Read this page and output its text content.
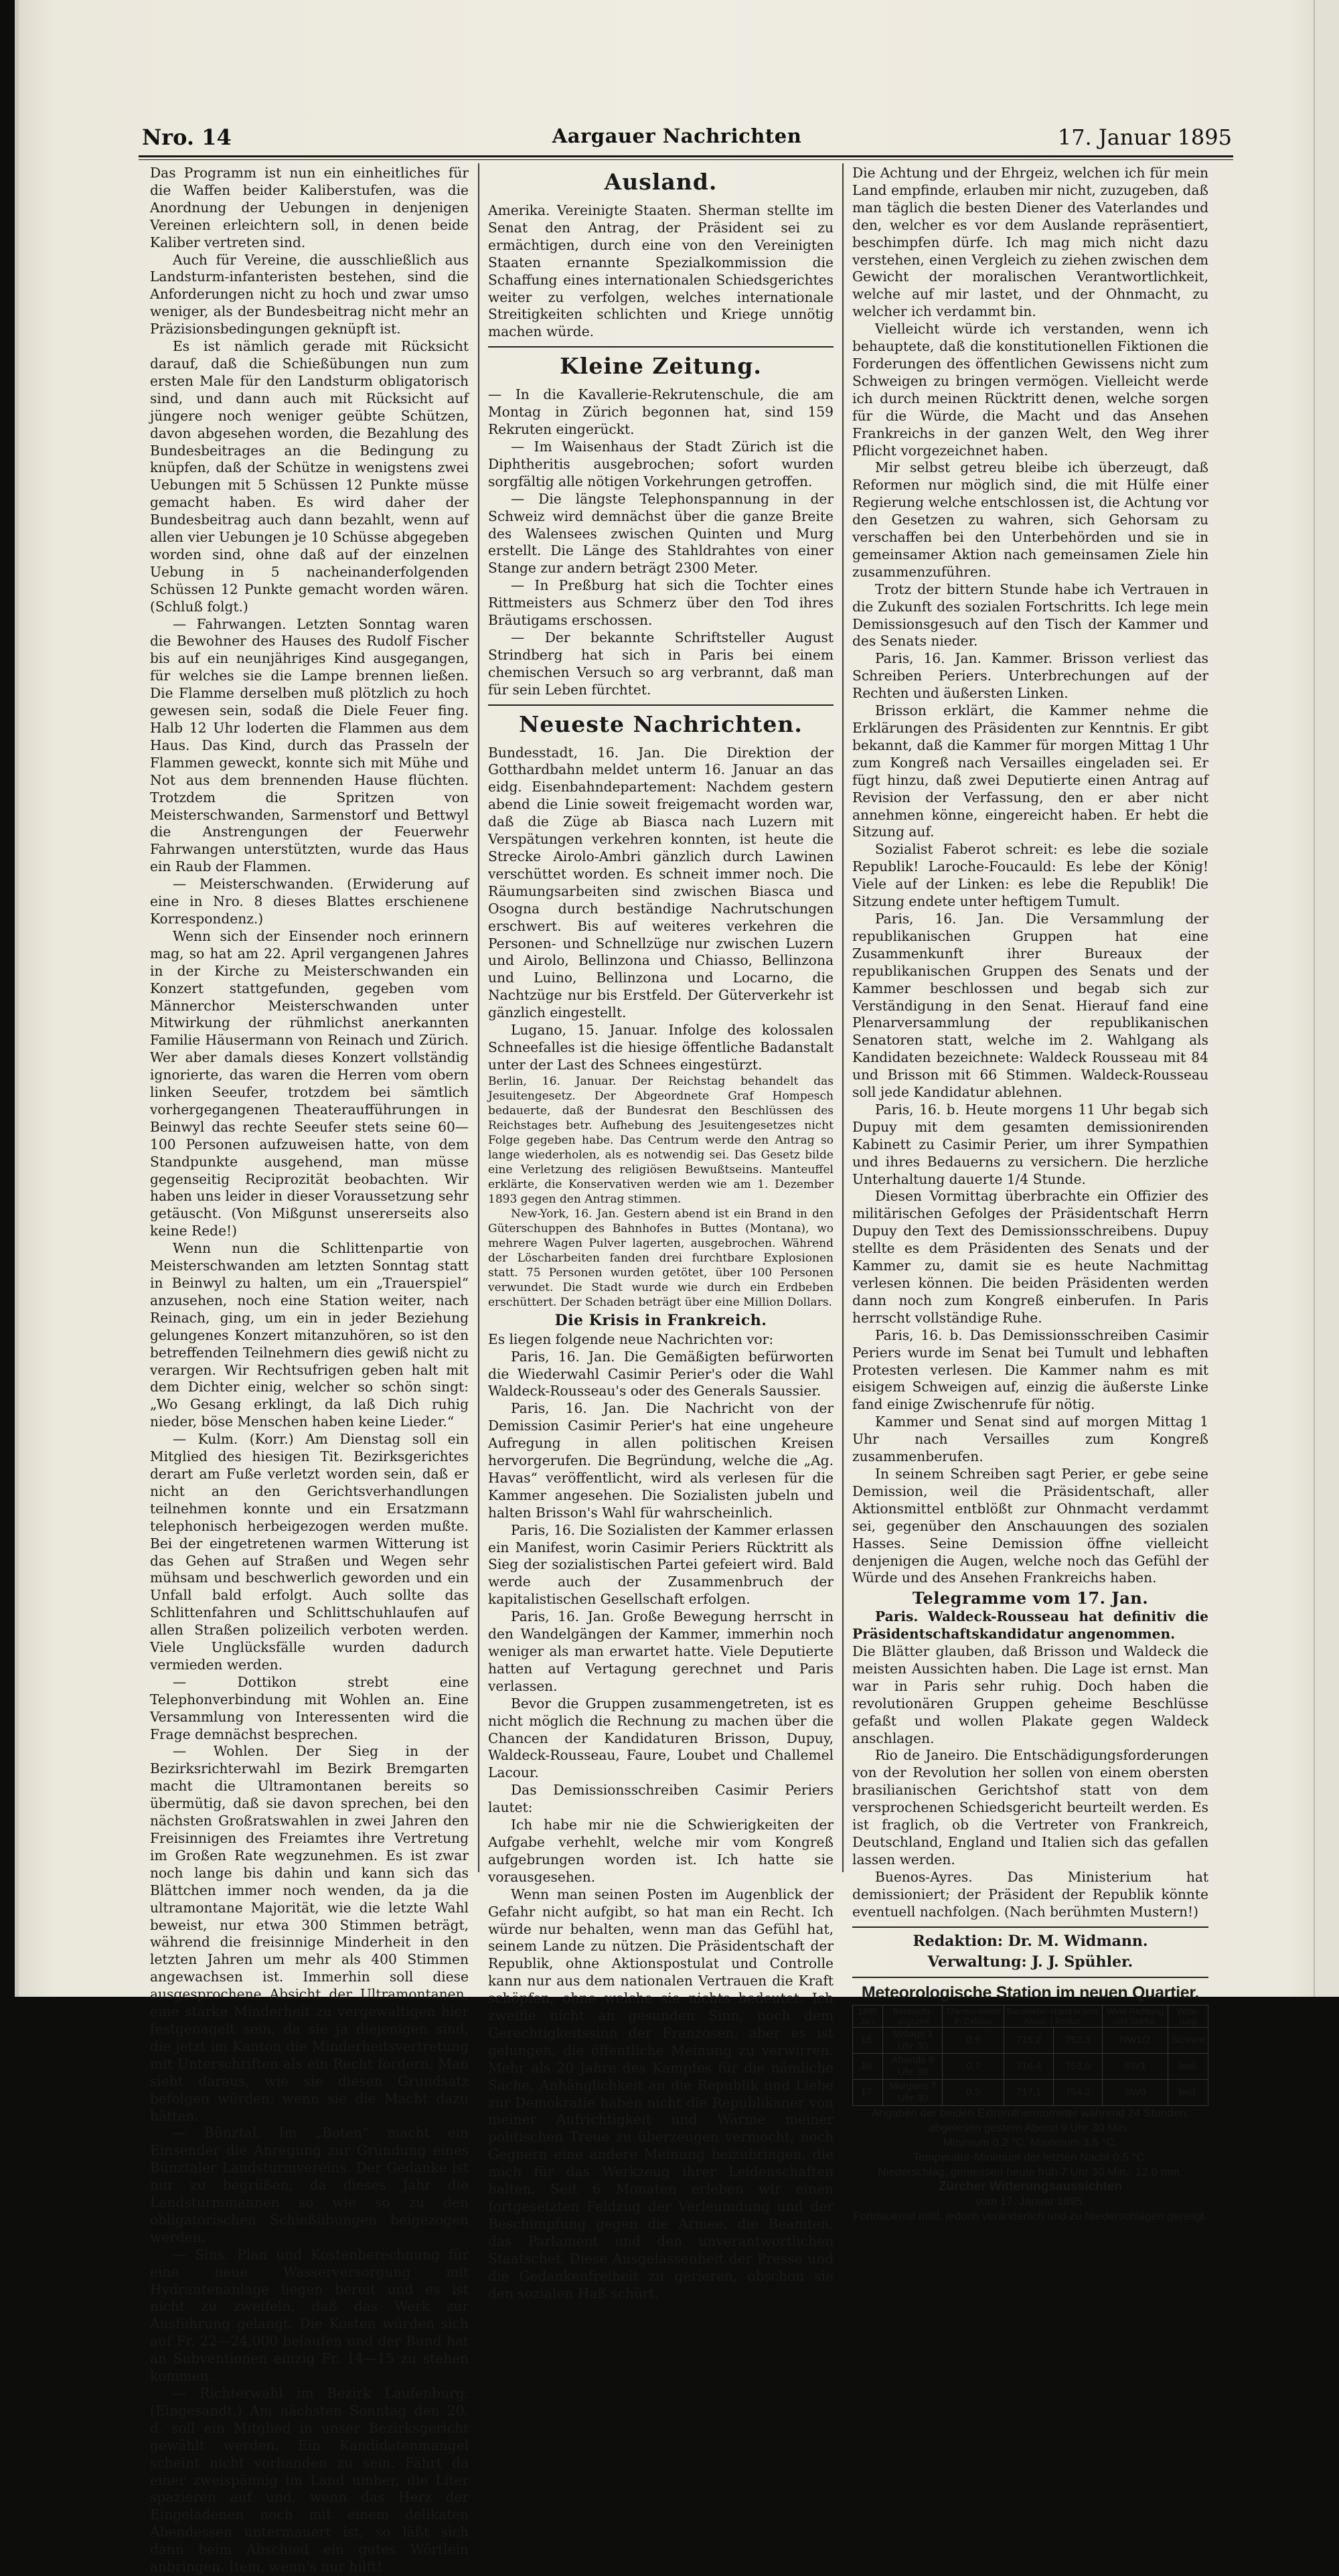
Nro. 14	Aargauer Nachrichten	17. Januar 1895

Das Programm ist nun ein einheitliches für die Waffen beider Kaliberstufen, was die Anordnung der Uebungen in denjenigen Vereinen erleichtern soll, in denen beide Kaliber vertreten sind.

Auch für Vereine, die ausschließlich aus Landsturm-infanteristen bestehen, sind die Anforderungen nicht zu hoch und zwar umso weniger, als der Bundesbeitrag nicht mehr an Präzisionsbedingungen geknüpft ist.

Es ist nämlich gerade mit Rücksicht darauf, daß die Schießübungen nun zum ersten Male für den Landsturm obligatorisch sind, und dann auch mit Rücksicht auf jüngere noch weniger geübte Schützen, davon abgesehen worden, die Bezahlung des Bundesbeitrages an die Bedingung zu knüpfen, daß der Schütze in wenigstens zwei Uebungen mit 5 Schüssen 12 Punkte müsse gemacht haben. Es wird daher der Bundesbeitrag auch dann bezahlt, wenn auf allen vier Uebungen je 10 Schüsse abgegeben worden sind, ohne daß auf der einzelnen Uebung in 5 nacheinanderfolgenden Schüssen 12 Punkte gemacht worden wären. (Schluß folgt.)

— Fahrwangen. Letzten Sonntag waren die Bewohner des Hauses des Rudolf Fischer bis auf ein neunjähriges Kind ausgegangen, für welches sie die Lampe brennen ließen. Die Flamme derselben muß plötzlich zu hoch gewesen sein, sodaß die Diele Feuer fing. Halb 12 Uhr loderten die Flammen aus dem Haus. Das Kind, durch das Prasseln der Flammen geweckt, konnte sich mit Mühe und Not aus dem brennenden Hause flüchten. Trotzdem die Spritzen von Meisterschwanden, Sarmenstorf und Bettwyl die Anstrengungen der Feuerwehr Fahrwangen unterstützten, wurde das Haus ein Raub der Flammen.

— Meisterschwanden. (Erwiderung auf eine in Nro. 8 dieses Blattes erschienene Korrespondenz.)

Wenn sich der Einsender noch erinnern mag, so hat am 22. April vergangenen Jahres in der Kirche zu Meisterschwanden ein Konzert stattgefunden, gegeben vom Männerchor Meisterschwanden unter Mitwirkung der rühmlichst anerkannten Familie Häusermann von Reinach und Zürich. Wer aber damals dieses Konzert vollständig ignorierte, das waren die Herren vom obern linken Seeufer, trotzdem bei sämtlich vorhergegangenen Theateraufführungen in Beinwyl das rechte Seeufer stets seine 60—100 Personen aufzuweisen hatte, von dem Standpunkte ausgehend, man müsse gegenseitig Reciprozität beobachten. Wir haben uns leider in dieser Voraussetzung sehr getäuscht. (Von Mißgunst unsererseits also keine Rede!)

Wenn nun die Schlittenpartie von Meisterschwanden am letzten Sonntag statt in Beinwyl zu halten, um ein „Trauerspiel“ anzusehen, noch eine Station weiter, nach Reinach, ging, um ein in jeder Beziehung gelungenes Konzert mitanzuhören, so ist den betreffenden Teilnehmern dies gewiß nicht zu verargen. Wir Rechtsufrigen geben halt mit dem Dichter einig, welcher so schön singt: „Wo Gesang erklingt, da laß Dich ruhig nieder, böse Menschen haben keine Lieder.“

— Kulm. (Korr.) Am Dienstag soll ein Mitglied des hiesigen Tit. Bezirksgerichtes derart am Fuße verletzt worden sein, daß er nicht an den Gerichtsverhandlungen teilnehmen konnte und ein Ersatzmann telephonisch herbeigezogen werden mußte. Bei der eingetretenen warmen Witterung ist das Gehen auf Straßen und Wegen sehr mühsam und beschwerlich geworden und ein Unfall bald erfolgt. Auch sollte das Schlittenfahren und Schlittschuhlaufen auf allen Straßen polizeilich verboten werden. Viele Unglücksfälle wurden dadurch vermieden werden.

— Dottikon strebt eine Telephonverbindung mit Wohlen an. Eine Versammlung von Interessenten wird die Frage demnächst besprechen.

— Wohlen. Der Sieg in der Bezirksrichterwahl im Bezirk Bremgarten macht die Ultramontanen bereits so übermütig, daß sie davon sprechen, bei den nächsten Großratswahlen in zwei Jahren den Freisinnigen des Freiamtes ihre Vertretung im Großen Rate wegzunehmen. Es ist zwar noch lange bis dahin und kann sich das Blättchen immer noch wenden, da ja die ultramontane Majorität, wie die letzte Wahl beweist, nur etwa 300 Stimmen beträgt, während die freisinnige Minderheit in den letzten Jahren um mehr als 400 Stimmen angewachsen ist. Immerhin soll diese ausgesprochene Absicht der Ultramontanen, eine starke Minderheit zu vergewaltigen hier festgenagelt sein, da sie ja diejenigen sind, die jetzt im Kanton die Minderheitsvertretung mit Unterschriften als ein Recht fordern. Man sieht daraus, wie sie diesen Grundsatz befolgen würden, wenn sie die Macht dazu hätten.

— Bünztal. Im „Boten“ macht ein Einsender die Anregung zur Gründung eines Bünztaler Landsturmvereins. Der Gedanke ist nur zu begrüßen, da dieses Jahr die Landsturmmannen so wie so zu den obligatorischen Schießübungen beigezogen werden.

— Sins. Plan und Kostenberechnung für eine neue Wasserversorgung mit Hydrantenanlage liegen bereit und es ist nicht zu zweifeln, daß das Werk zur Ausführung gelangt. Die Kosten würden sich auf Fr. 22—24,000 belaufen und der Bund hat an Subventionen einzig Fr. 14—15 zu stehen kommen.

— Richterwahl im Bezirk Laufenburg. (Eingesandt.) Am nächsten Sonntag den 20. d. soll ein Mitglied in unser Bezirksgericht gewählt werden. Ein Kandidatenmangel scheint nicht vorhanden zu sein. Fährt da einer zweispännig im Land umher, die Liter spazieren auf und, wenn das Herz der Eingeladenen noch mit einem delikaten Abendessen untermauert ist, so läßt sich dann beim Abschied ein gutes Wörtlein anbringen. Item, wenn's nur hilft!

Ausland.

Amerika. Vereinigte Staaten. Sherman stellte im Senat den Antrag, der Präsident sei zu ermächtigen, durch eine von den Vereinigten Staaten ernannte Spezialkommission die Schaffung eines internationalen Schiedsgerichtes weiter zu verfolgen, welches internationale Streitigkeiten schlichten und Kriege unnötig machen würde.

Kleine Zeitung.

— In die Kavallerie-Rekrutenschule, die am Montag in Zürich begonnen hat, sind 159 Rekruten eingerückt.

— Im Waisenhaus der Stadt Zürich ist die Diphtheritis ausgebrochen; sofort wurden sorgfältig alle nötigen Vorkehrungen getroffen.

— Die längste Telephonspannung in der Schweiz wird demnächst über die ganze Breite des Walensees zwischen Quinten und Murg erstellt. Die Länge des Stahldrahtes von einer Stange zur andern beträgt 2300 Meter.

— In Preßburg hat sich die Tochter eines Rittmeisters aus Schmerz über den Tod ihres Bräutigams erschossen.

— Der bekannte Schriftsteller August Strindberg hat sich in Paris bei einem chemischen Versuch so arg verbrannt, daß man für sein Leben fürchtet.

Neueste Nachrichten.

Bundesstadt, 16. Jan. Die Direktion der Gotthardbahn meldet unterm 16. Januar an das eidg. Eisenbahndepartement: Nachdem gestern abend die Linie soweit freigemacht worden war, daß die Züge ab Biasca nach Luzern mit Verspätungen verkehren konnten, ist heute die Strecke Airolo-Ambri gänzlich durch Lawinen verschüttet worden. Es schneit immer noch. Die Räumungsarbeiten sind zwischen Biasca und Osogna durch beständige Nachrutschungen erschwert. Bis auf weiteres verkehren die Personen- und Schnellzüge nur zwischen Luzern und Airolo, Bellinzona und Chiasso, Bellinzona und Luino, Bellinzona und Locarno, die Nachtzüge nur bis Erstfeld. Der Güterverkehr ist gänzlich eingestellt.

Lugano, 15. Januar. Infolge des kolossalen Schneefalles ist die hiesige öffentliche Badanstalt unter der Last des Schnees eingestürzt.

Berlin, 16. Januar. Der Reichstag behandelt das Jesuitengesetz. Der Abgeordnete Graf Hompesch bedauerte, daß der Bundesrat den Beschlüssen des Reichstages betr. Aufhebung des Jesuitengesetzes nicht Folge gegeben habe. Das Centrum werde den Antrag so lange wiederholen, als es notwendig sei. Das Gesetz bilde eine Verletzung des religiösen Bewußtseins. Manteuffel erklärte, die Konservativen werden wie am 1. Dezember 1893 gegen den Antrag stimmen.

New-York, 16. Jan. Gestern abend ist ein Brand in den Güterschuppen des Bahnhofes in Buttes (Montana), wo mehrere Wagen Pulver lagerten, ausgebrochen. Während der Löscharbeiten fanden drei furchtbare Explosionen statt. 75 Personen wurden getötet, über 100 Personen verwundet. Die Stadt wurde wie durch ein Erdbeben erschüttert. Der Schaden beträgt über eine Million Dollars.

Die Krisis in Frankreich.

Es liegen folgende neue Nachrichten vor:

Paris, 16. Jan. Die Gemäßigten befürworten die Wiederwahl Casimir Perier's oder die Wahl Waldeck-Rousseau's oder des Generals Saussier.

Paris, 16. Jan. Die Nachricht von der Demission Casimir Perier's hat eine ungeheure Aufregung in allen politischen Kreisen hervorgerufen. Die Begründung, welche die „Ag. Havas“ veröffentlicht, wird als verlesen für die Kammer angesehen. Die Sozialisten jubeln und halten Brisson's Wahl für wahrscheinlich.

Paris, 16. Die Sozialisten der Kammer erlassen ein Manifest, worin Casimir Periers Rücktritt als Sieg der sozialistischen Partei gefeiert wird. Bald werde auch der Zusammenbruch der kapitalistischen Gesellschaft erfolgen.

Paris, 16. Jan. Große Bewegung herrscht in den Wandelgängen der Kammer, immerhin noch weniger als man erwartet hatte. Viele Deputierte hatten auf Vertagung gerechnet und Paris verlassen.

Bevor die Gruppen zusammengetreten, ist es nicht möglich die Rechnung zu machen über die Chancen der Kandidaturen Brisson, Dupuy, Waldeck-Rousseau, Faure, Loubet und Challemel Lacour.

Das Demissionsschreiben Casimir Periers lautet:

Ich habe mir nie die Schwierigkeiten der Aufgabe verhehlt, welche mir vom Kongreß aufgebrungen worden ist. Ich hatte sie vorausgesehen.

Wenn man seinen Posten im Augenblick der Gefahr nicht aufgibt, so hat man ein Recht. Ich würde nur behalten, wenn man das Gefühl hat, seinem Lande zu nützen. Die Präsidentschaft der Republik, ohne Aktionspostulat und Controlle kann nur aus dem nationalen Vertrauen die Kraft schöpfen, ohne welche sie nichts bedeutet. Ich zweifle nicht an gesunden Sinn, noch dem Gerechtigkeitssinn der Franzosen, aber es ist gelungen, die öffentliche Meinung zu verwirren. Mehr als 20 Jahre des Kampfes für die nämliche Sache, Anhänglichkeit an die Republik und Liebe zur Demokratie haben nicht die Republikaner von meiner Aufrichtigkeit und Wärme meiner politischen Treue zu überzeugen vermocht, noch Gegnern eine andere Meinung beizubringen, die mich für das Werkzeug ihrer Leidenschaften halten. Seit 6 Monaten erleben wir einen fortgesetzten Feldzug der Verleumdung und der Beschimpfung gegen die Armee, die Beamten, das Parlament und den unverantwortlichen Staatschef. Diese Ausgelassenheit der Presse und die Gedankenfreiheit zu gerieren, obschon sie den sozialen Haß schürt.

Die Achtung und der Ehrgeiz, welchen ich für mein Land empfinde, erlauben mir nicht, zuzugeben, daß man täglich die besten Diener des Vaterlandes und den, welcher es vor dem Auslande repräsentiert, beschimpfen dürfe. Ich mag mich nicht dazu verstehen, einen Vergleich zu ziehen zwischen dem Gewicht der moralischen Verantwortlichkeit, welche auf mir lastet, und der Ohnmacht, zu welcher ich verdammt bin.

Vielleicht würde ich verstanden, wenn ich behauptete, daß die konstitutionellen Fiktionen die Forderungen des öffentlichen Gewissens nicht zum Schweigen zu bringen vermögen. Vielleicht werde ich durch meinen Rücktritt denen, welche sorgen für die Würde, die Macht und das Ansehen Frankreichs in der ganzen Welt, den Weg ihrer Pflicht vorgezeichnet haben.

Mir selbst getreu bleibe ich überzeugt, daß Reformen nur möglich sind, die mit Hülfe einer Regierung welche entschlossen ist, die Achtung vor den Gesetzen zu wahren, sich Gehorsam zu verschaffen bei den Unterbehörden und sie in gemeinsamer Aktion nach gemeinsamen Ziele hin zusammenzuführen.

Trotz der bittern Stunde habe ich Vertrauen in die Zukunft des sozialen Fortschritts. Ich lege mein Demissionsgesuch auf den Tisch der Kammer und des Senats nieder.

Paris, 16. Jan. Kammer. Brisson verliest das Schreiben Periers. Unterbrechungen auf der Rechten und äußersten Linken.

Brisson erklärt, die Kammer nehme die Erklärungen des Präsidenten zur Kenntnis. Er gibt bekannt, daß die Kammer für morgen Mittag 1 Uhr zum Kongreß nach Versailles eingeladen sei. Er fügt hinzu, daß zwei Deputierte einen Antrag auf Revision der Verfassung, den er aber nicht annehmen könne, eingereicht haben. Er hebt die Sitzung auf.

Sozialist Faberot schreit: es lebe die soziale Republik! Laroche-Foucauld: Es lebe der König! Viele auf der Linken: es lebe die Republik! Die Sitzung endete unter heftigem Tumult.

Paris, 16. Jan. Die Versammlung der republikanischen Gruppen hat eine Zusammenkunft ihrer Bureaux der republikanischen Gruppen des Senats und der Kammer beschlossen und begab sich zur Verständigung in den Senat. Hierauf fand eine Plenarversammlung der republikanischen Senatoren statt, welche im 2. Wahlgang als Kandidaten bezeichnete: Waldeck Rousseau mit 84 und Brisson mit 66 Stimmen. Waldeck-Rousseau soll jede Kandidatur ablehnen.

Paris, 16. b. Heute morgens 11 Uhr begab sich Dupuy mit dem gesamten demissionirenden Kabinett zu Casimir Perier, um ihrer Sympathien und ihres Bedauerns zu versichern. Die herzliche Unterhaltung dauerte 1/4 Stunde.

Diesen Vormittag überbrachte ein Offizier des militärischen Gefolges der Präsidentschaft Herrn Dupuy den Text des Demissionsschreibens. Dupuy stellte es dem Präsidenten des Senats und der Kammer zu, damit sie es heute Nachmittag verlesen können. Die beiden Präsidenten werden dann noch zum Kongreß einberufen. In Paris herrscht vollständige Ruhe.

Paris, 16. b. Das Demissionsschreiben Casimir Periers wurde im Senat bei Tumult und lebhaften Protesten verlesen. Die Kammer nahm es mit eisigem Schweigen auf, einzig die äußerste Linke fand einige Zwischenrufe für nötig.

Kammer und Senat sind auf morgen Mittag 1 Uhr nach Versailles zum Kongreß zusammenberufen.

In seinem Schreiben sagt Perier, er gebe seine Demission, weil die Präsidentschaft, aller Aktionsmittel entblößt zur Ohnmacht verdammt sei, gegenüber den Anschauungen des sozialen Hasses. Seine Demission öffne vielleicht denjenigen die Augen, welche noch das Gefühl der Würde und des Ansehen Frankreichs haben.

Telegramme vom 17. Jan.

Paris. Waldeck-Rousseau hat definitiv die Präsidentschaftskandidatur angenommen.

Die Blätter glauben, daß Brisson und Waldeck die meisten Aussichten haben. Die Lage ist ernst. Man war in Paris sehr ruhig. Doch haben die revolutionären Gruppen geheime Beschlüsse gefaßt und wollen Plakate gegen Waldeck anschlagen.

Rio de Janeiro. Die Entschädigungsforderungen von der Revolution her sollen von einem obersten brasilianischen Gerichtshof statt von dem versprochenen Schiedsgericht beurteilt werden. Es ist fraglich, ob die Vertreter von Frankreich, Deutschland, England und Italien sich das gefallen lassen werden.

Buenos-Ayres. Das Ministerium hat demissioniert; der Präsident der Republik könnte eventuell nachfolgen. (Nach berühmten Mustern!)

Redaktion: Dr. M. Widmann.
Verwaltung: J. J. Spühler.
Meteorologische Station im neuen Quartier.
1895 Jan.	Beobacht-ungszeit	Thermo-meter in Celsius	Barometer-stand in mm. Absol. | Reduz.		Wind-Richtung und Stärke.	Witte-rung
16.	Mittags 1 Uhr 30	0,9	715,2	752,3	NW1/2	Schnee
16.	Abends 9 Uhr 30	0,7	716,4	753,5	SW1	bed.
17.	Morgens 7 Uhr 30	0,5	717,1	754,2	SW0	bed.
Angaben der beiden Extremthermometer während 24 Stunden, abgelesen gestern Abend 9 Uhr 30 Min.:
Minimum 0,2 °C. Maximum 3,5 °C.
Temperatur-Minimum der letzten Nacht 0,5 °C.
Niederschlag, gemessen heute früh 7 Uhr 30 Min.: 12,0 mm.
Zürcher Witterungsaussichten
vom 17. Januar 1895.
Fortdauernd mild, jedoch veränderlich und zu Niederschlägen geneigt.
